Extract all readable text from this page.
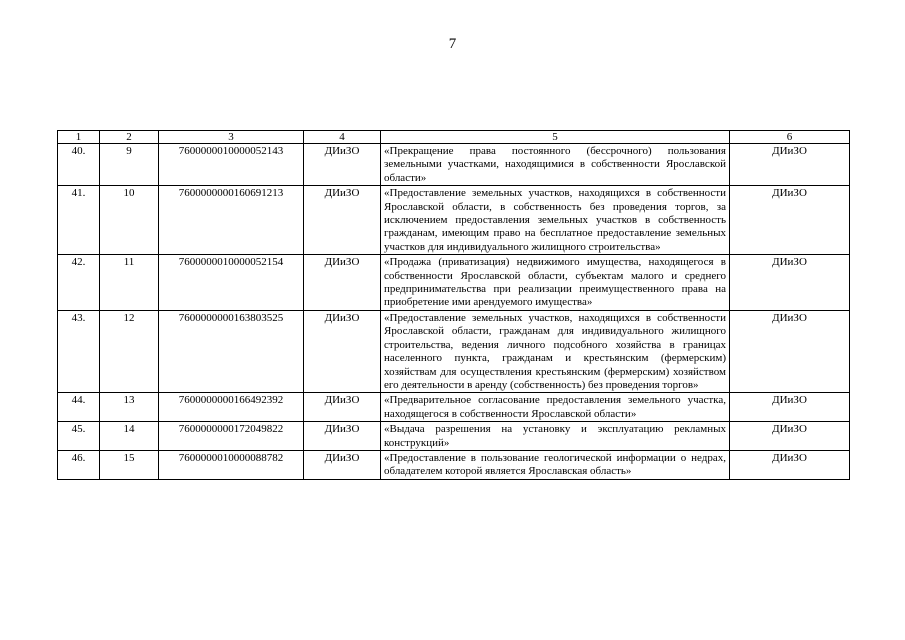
7
1	2	3	4	5	6
40.	9	7600000010000052143	ДИиЗО	«Прекращение права постоянного (бессрочного) пользования земельными участками, находящимися в собственности Ярославской области»	ДИиЗО
41.	10	7600000000160691213	ДИиЗО	«Предоставление земельных участков, находящихся в собственности Ярославской области, в собственность без проведения торгов, за исключением предоставления земельных участков в собственность гражданам, имеющим право на бесплатное предоставление земельных участков для индивидуального жилищного строительства»	ДИиЗО
42.	11	7600000010000052154	ДИиЗО	«Продажа (приватизация) недвижимого имущества, находящегося в собственности Ярославской области, субъектам малого и среднего предпринимательства при реализации преимущественного права на приобретение ими арендуемого имущества»	ДИиЗО
43.	12	7600000000163803525	ДИиЗО	«Предоставление земельных участков, находящихся в собственности Ярославской области, гражданам для индивидуального жилищного строительства, ведения личного подсобного хозяйства в границах населенного пункта, гражданам и крестьянским (фермерским) хозяйствам для осуществления крестьянским (фермерским) хозяйством его деятельности в аренду (собственность) без проведения торгов»	ДИиЗО
44.	13	7600000000166492392	ДИиЗО	«Предварительное согласование предоставления земельного участка, находящегося в собственности Ярославской области»	ДИиЗО
45.	14	7600000000172049822	ДИиЗО	«Выдача разрешения на установку и эксплуатацию рекламных конструкций»	ДИиЗО
46.	15	7600000010000088782	ДИиЗО	«Предоставление в пользование геологической информации о недрах, обладателем которой является Ярославская область»	ДИиЗО
